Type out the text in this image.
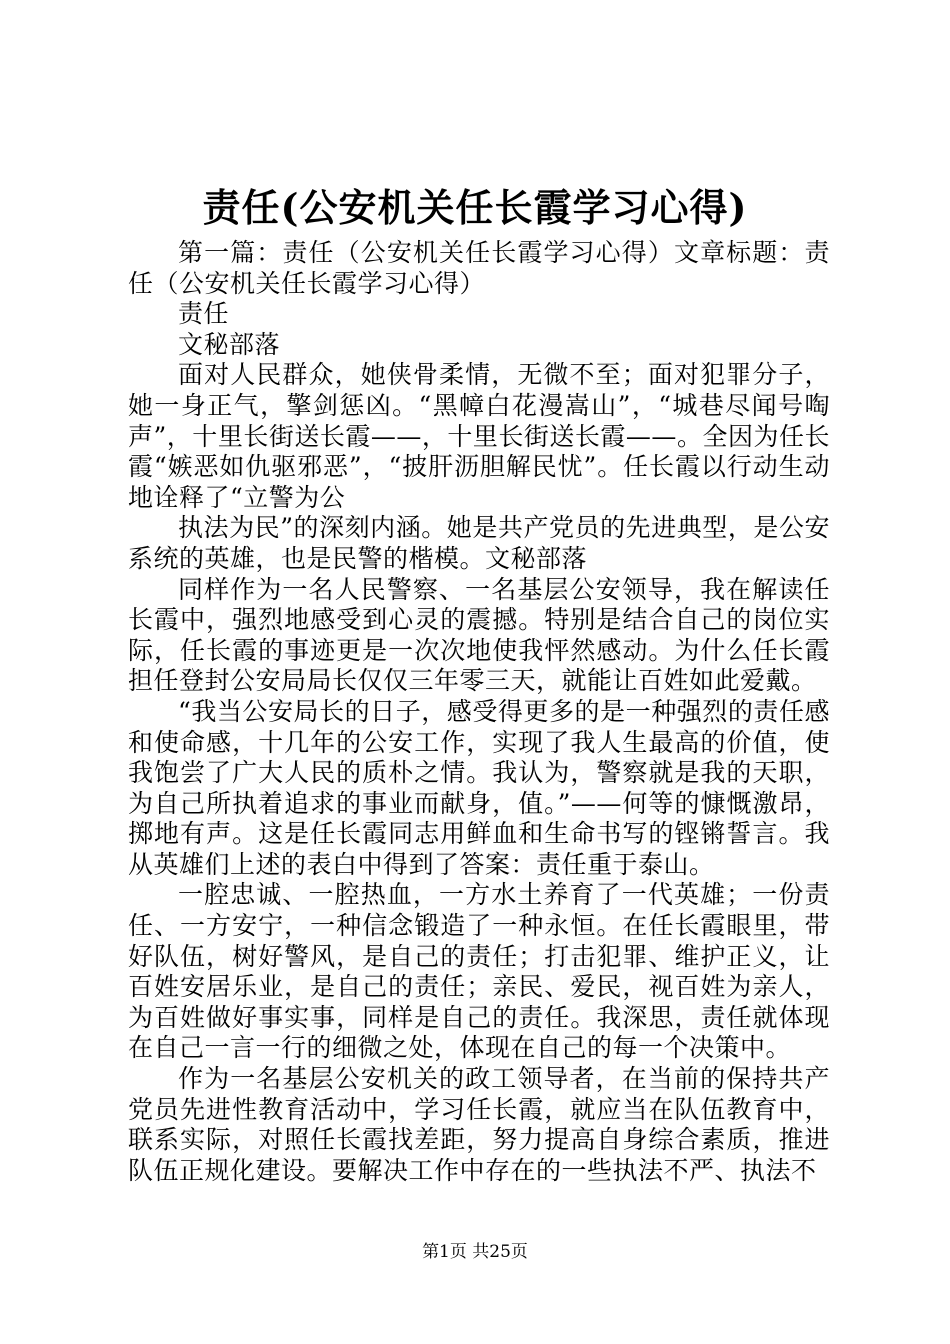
责任(公安机关任长霞学习心得)

第一篇：责任（公安机关任长霞学习心得）文章标题：责任（公安机关任长霞学习心得）

责任

文秘部落

面对人民群众，她侠骨柔情，无微不至；面对犯罪分子，她一身正气，擎剑惩凶。“黑幛白花漫嵩山”，“城巷尽闻号啕声”，十里长街送长霞——，十里长街送长霞——。全因为任长霞“嫉恶如仇驱邪恶”，“披肝沥胆解民忧”。任长霞以行动生动地诠释了“立警为公

执法为民”的深刻内涵。她是共产党员的先进典型，是公安系统的英雄，也是民警的楷模。文秘部落

同样作为一名人民警察、一名基层公安领导，我在解读任长霞中，强烈地感受到心灵的震撼。特别是结合自己的岗位实际，任长霞的事迹更是一次次地使我怦然感动。为什么任长霞担任登封公安局局长仅仅三年零三天，就能让百姓如此爱戴。

“我当公安局长的日子，感受得更多的是一种强烈的责任感和使命感，十几年的公安工作，实现了我人生最高的价值，使我饱尝了广大人民的质朴之情。我认为，警察就是我的天职，为自己所执着追求的事业而献身，值。”——何等的慷慨激昂，掷地有声。这是任长霞同志用鲜血和生命书写的铿锵誓言。我从英雄们上述的表白中得到了答案：责任重于泰山。

一腔忠诚、一腔热血，一方水土养育了一代英雄；一份责任、一方安宁，一种信念锻造了一种永恒。在任长霞眼里，带好队伍，树好警风，是自己的责任；打击犯罪、维护正义，让百姓安居乐业，是自己的责任；亲民、爱民，视百姓为亲人，为百姓做好事实事，同样是自己的责任。我深思，责任就体现在自己一言一行的细微之处，体现在自己的每一个决策中。

作为一名基层公安机关的政工领导者，在当前的保持共产党员先进性教育活动中，学习任长霞，就应当在队伍教育中，联系实际，对照任长霞找差距，努力提高自身综合素质，推进队伍正规化建设。要解决工作中存在的一些执法不严、执法不

第1页 共25页
